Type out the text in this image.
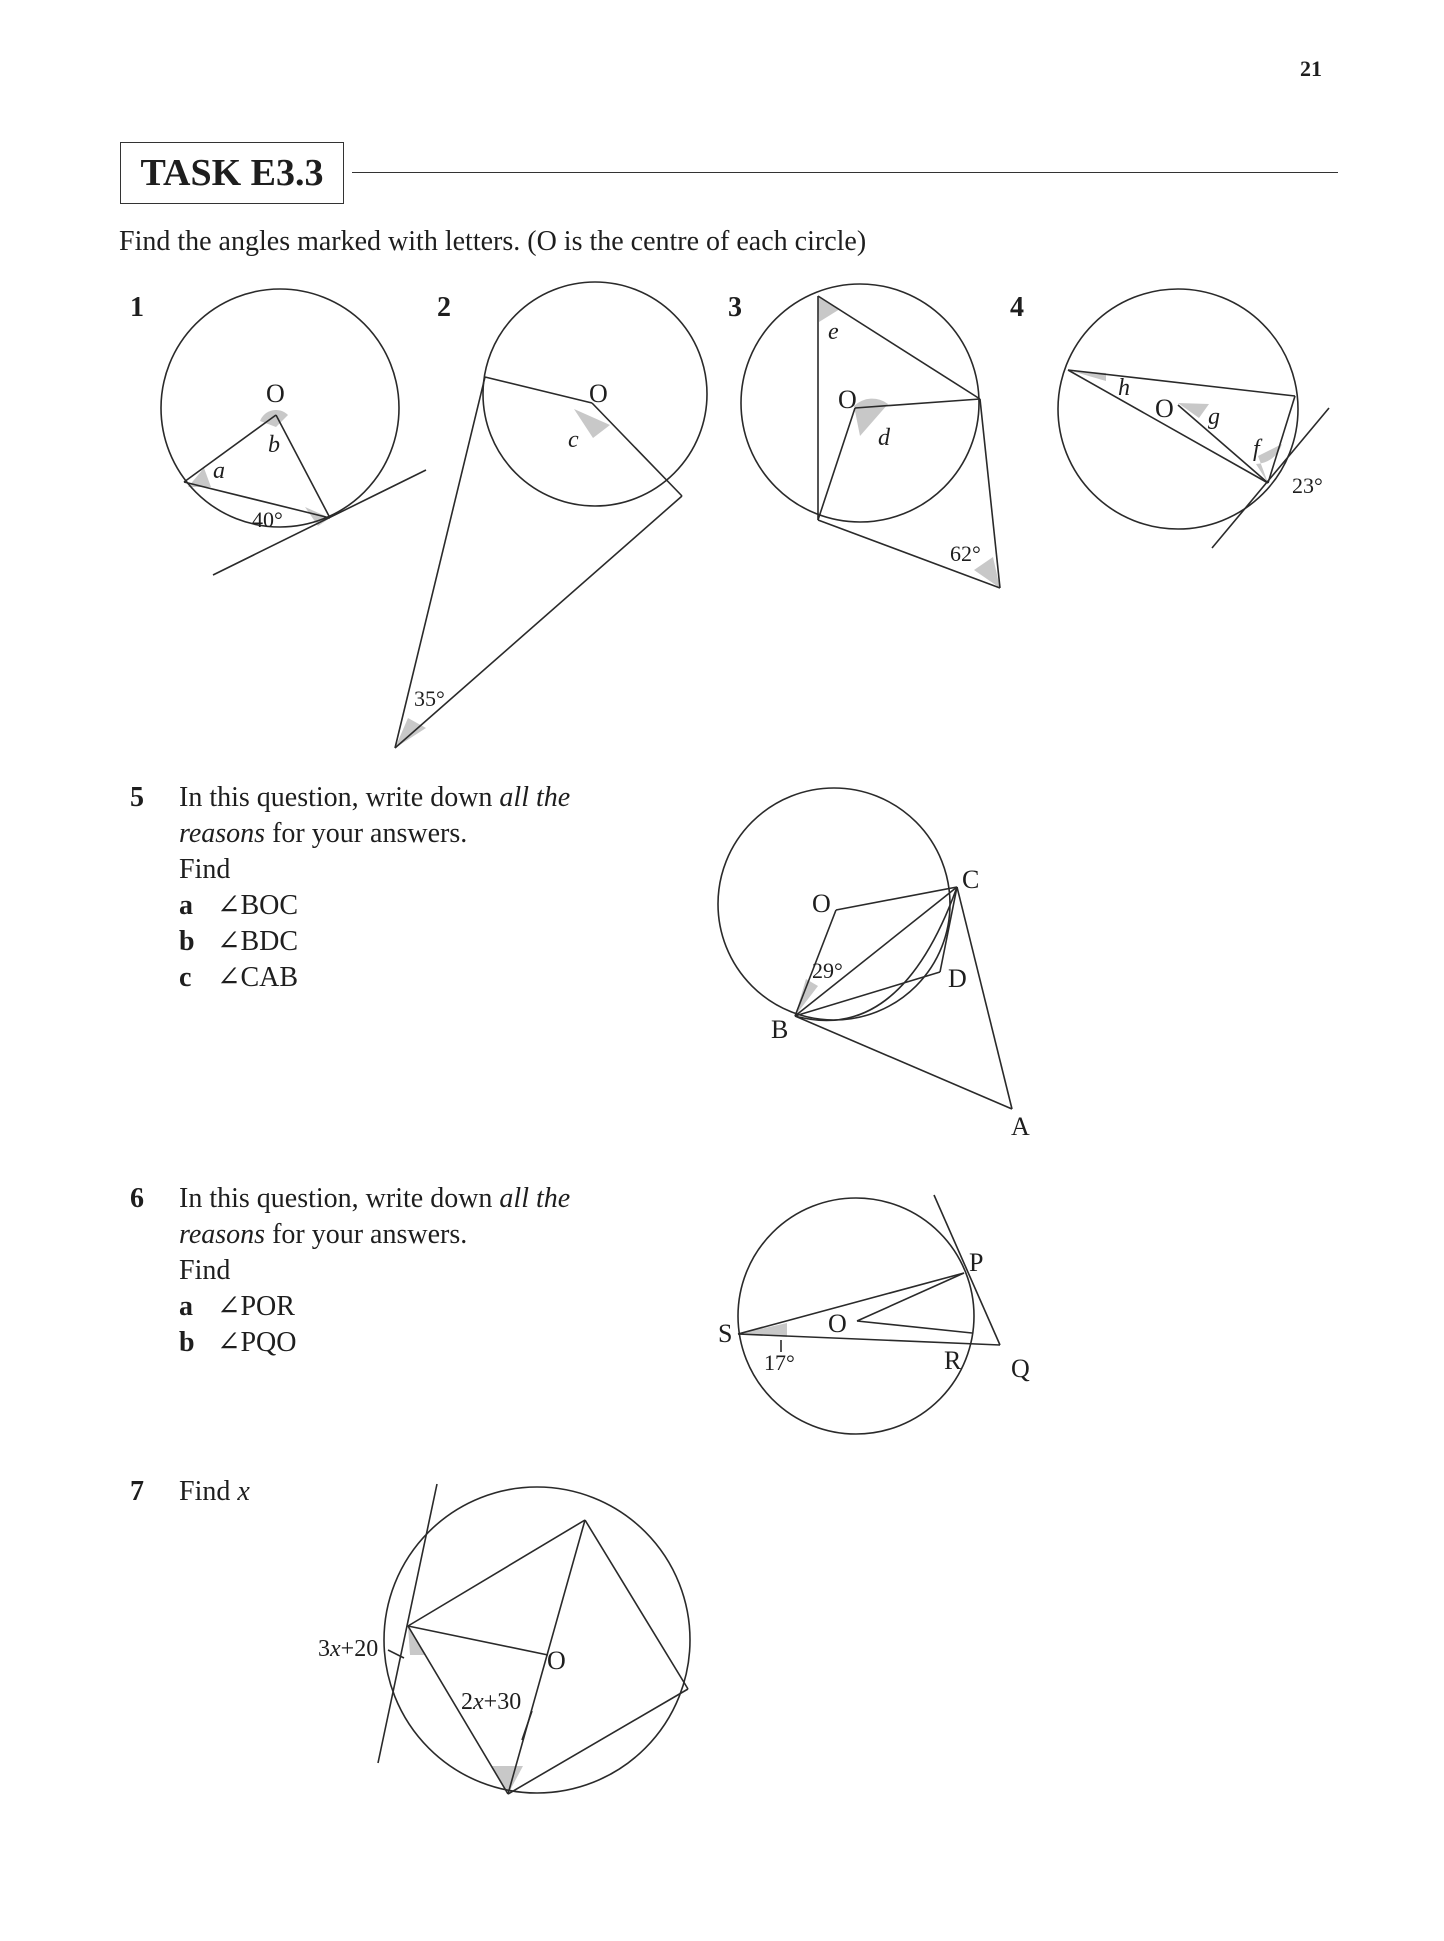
21
TASK E3.3
Find the angles marked with letters. (O is the centre of each circle)
5 In this question, write down all the
reasons for your answers.
Find
a ∠BOC
b ∠BDC
c ∠CAB
6 In this question, write down all the
reasons for your answers.
Find
a ∠POR
b ∠PQO
7 Find x
1
O
b
a
40°
2
O
c
35°
3
O
d
e
62°
4
O
h
g
f
23°
O
C
D
B
A
29°
S
P
O
R Q
17°
O
3x+20
2x+30
